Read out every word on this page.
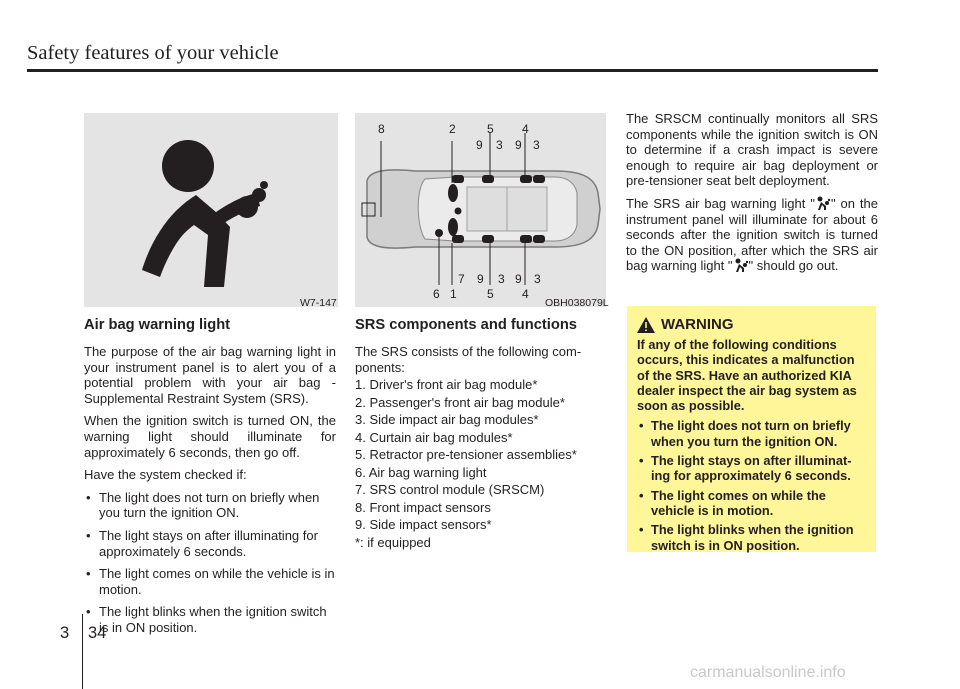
Safety features of your vehicle
W7-147
8	2	5 4
9 3 9 3
7 9 3 9 3
6 1	5 4
OBH038079L
Air bag warning light

The purpose of the air bag warning light in your instrument panel is to alert you of a potential problem with your air bag - Supplemental Restraint System (SRS).

When the ignition switch is turned ON, the warning light should illuminate for approximately 6 seconds, then go off.

Have the system checked if:

• The light does not turn on briefly when you turn the ignition ON.
• The light stays on after illuminating for approximately 6 seconds.
• The light comes on while the vehicle is in motion.
• The light blinks when the ignition switch is in ON position.
SRS components and functions

The SRS consists of the following com-ponents:

1. Driver's front air bag module*
2. Passenger's front air bag module*
3. Side impact air bag modules*
4. Curtain air bag modules*
5. Retractor pre-tensioner assemblies*
6. Air bag warning light
7. SRS control module (SRSCM)
8. Front impact sensors
9. Side impact sensors*
*: if equipped

The SRSCM continually monitors all SRS components while the ignition switch is ON to determine if a crash impact is severe enough to require air bag deployment or pre-tensioner seat belt deployment.

The SRS air bag warning light " " on the instrument panel will illuminate for about 6 seconds after the ignition switch is turned to the ON position, after which the SRS air bag warning light " " should go out.

WARNING

If any of the following conditions occurs, this indicates a malfunction of the SRS. Have an authorized KIA dealer inspect the air bag system as soon as possible.

• The light does not turn on briefly when you turn the ignition ON.
• The light stays on after illuminat-ing for approximately 6 seconds.
• The light comes on while the vehicle is in motion.
• The light blinks when the ignition switch is in ON position.
3 34
carmanualsonline.info
